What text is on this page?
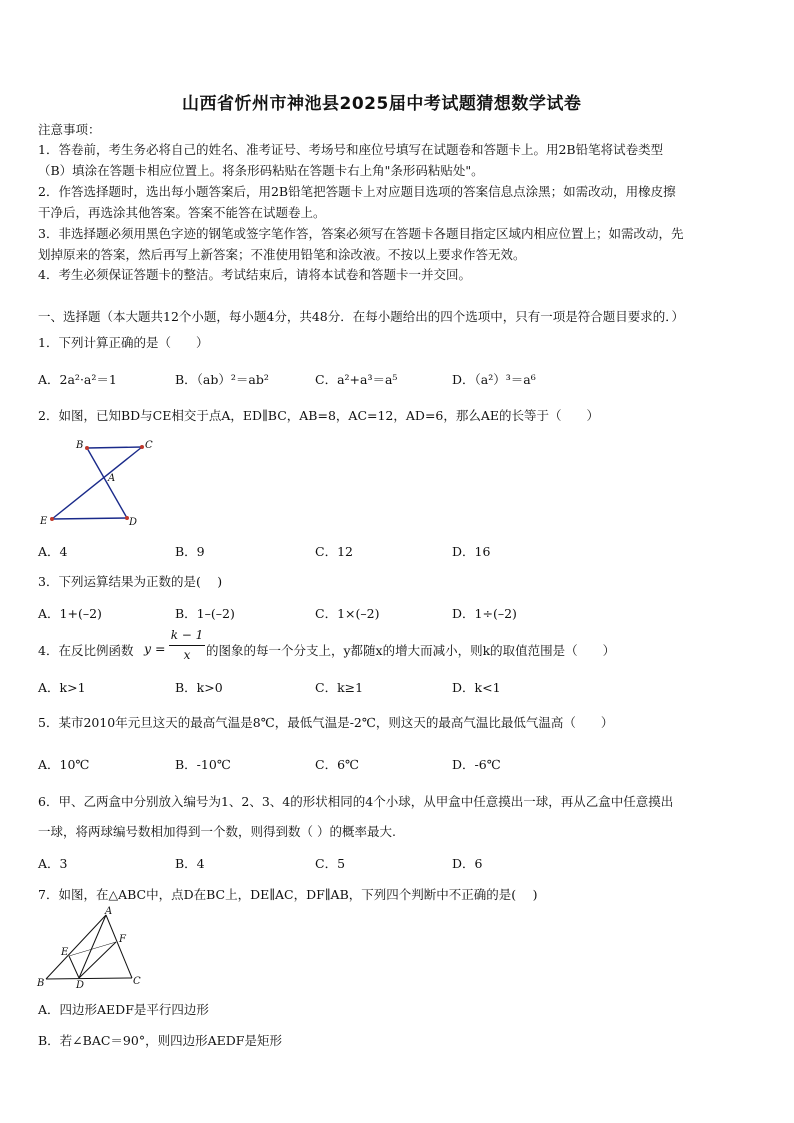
山西省忻州市神池县2025届中考试题猜想数学试卷
注意事项：
1．答卷前，考生务必将自己的姓名、准考证号、考场号和座位号填写在试题卷和答题卡上。用2B铅笔将试卷类型
（B）填涂在答题卡相应位置上。将条形码粘贴在答题卡右上角"条形码粘贴处"。
2．作答选择题时，选出每小题答案后，用2B铅笔把答题卡上对应题目选项的答案信息点涂黑；如需改动，用橡皮擦
干净后，再选涂其他答案。答案不能答在试题卷上。
3．非选择题必须用黑色字迹的钢笔或签字笔作答，答案必须写在答题卡各题目指定区域内相应位置上；如需改动，先
划掉原来的答案，然后再写上新答案；不准使用铅笔和涂改液。不按以上要求作答无效。
4．考生必须保证答题卡的整洁。考试结束后，请将本试卷和答题卡一并交回。
一、选择题（本大题共12个小题，每小题4分，共48分．在每小题给出的四个选项中，只有一项是符合题目要求的．）
1．下列计算正确的是（　　）
A．2a²·a²＝1	B．（ab）²＝ab²	C．a²+a³＝a⁵	D．（a²）³＝a⁶
2．如图，已知BD与CE相交于点A，ED∥BC，AB=8，AC=12，AD=6，那么AE的长等于（　　）
B	C
A
E	D
A．4	B．9	C．12	D．16
3．下列运算结果为正数的是(　 )
A．1+(–2)	B．1–(–2)	C．1×(–2)	D．1÷(–2)
4．在反比例函数 y =
k − 1
x	的图象的每一个分支上，y都随x的增大而减小，则k的取值范围是（　　）
A．k>1	B．k>0	C．k≥1	D．k<1
5．某市2010年元旦这天的最高气温是8℃，最低气温是-2℃，则这天的最高气温比最低气温高（　　）
A．10℃	B．-10℃	C．6℃	D．-6℃
6．甲、乙两盒中分别放入编号为1、2、3、4的形状相同的4个小球，从甲盒中任意摸出一球，再从乙盒中任意摸出
一球，将两球编号数相加得到一个数，则得到数（ ）的概率最大.
A．3	B．4	C．5	D．6
7．如图，在△ABC中，点D在BC上，DE∥AC，DF∥AB，下列四个判断中不正确的是(　 )
A
E
F
B	D	C
A．四边形AEDF是平行四边形
B．若∠BAC＝90°，则四边形AEDF是矩形
